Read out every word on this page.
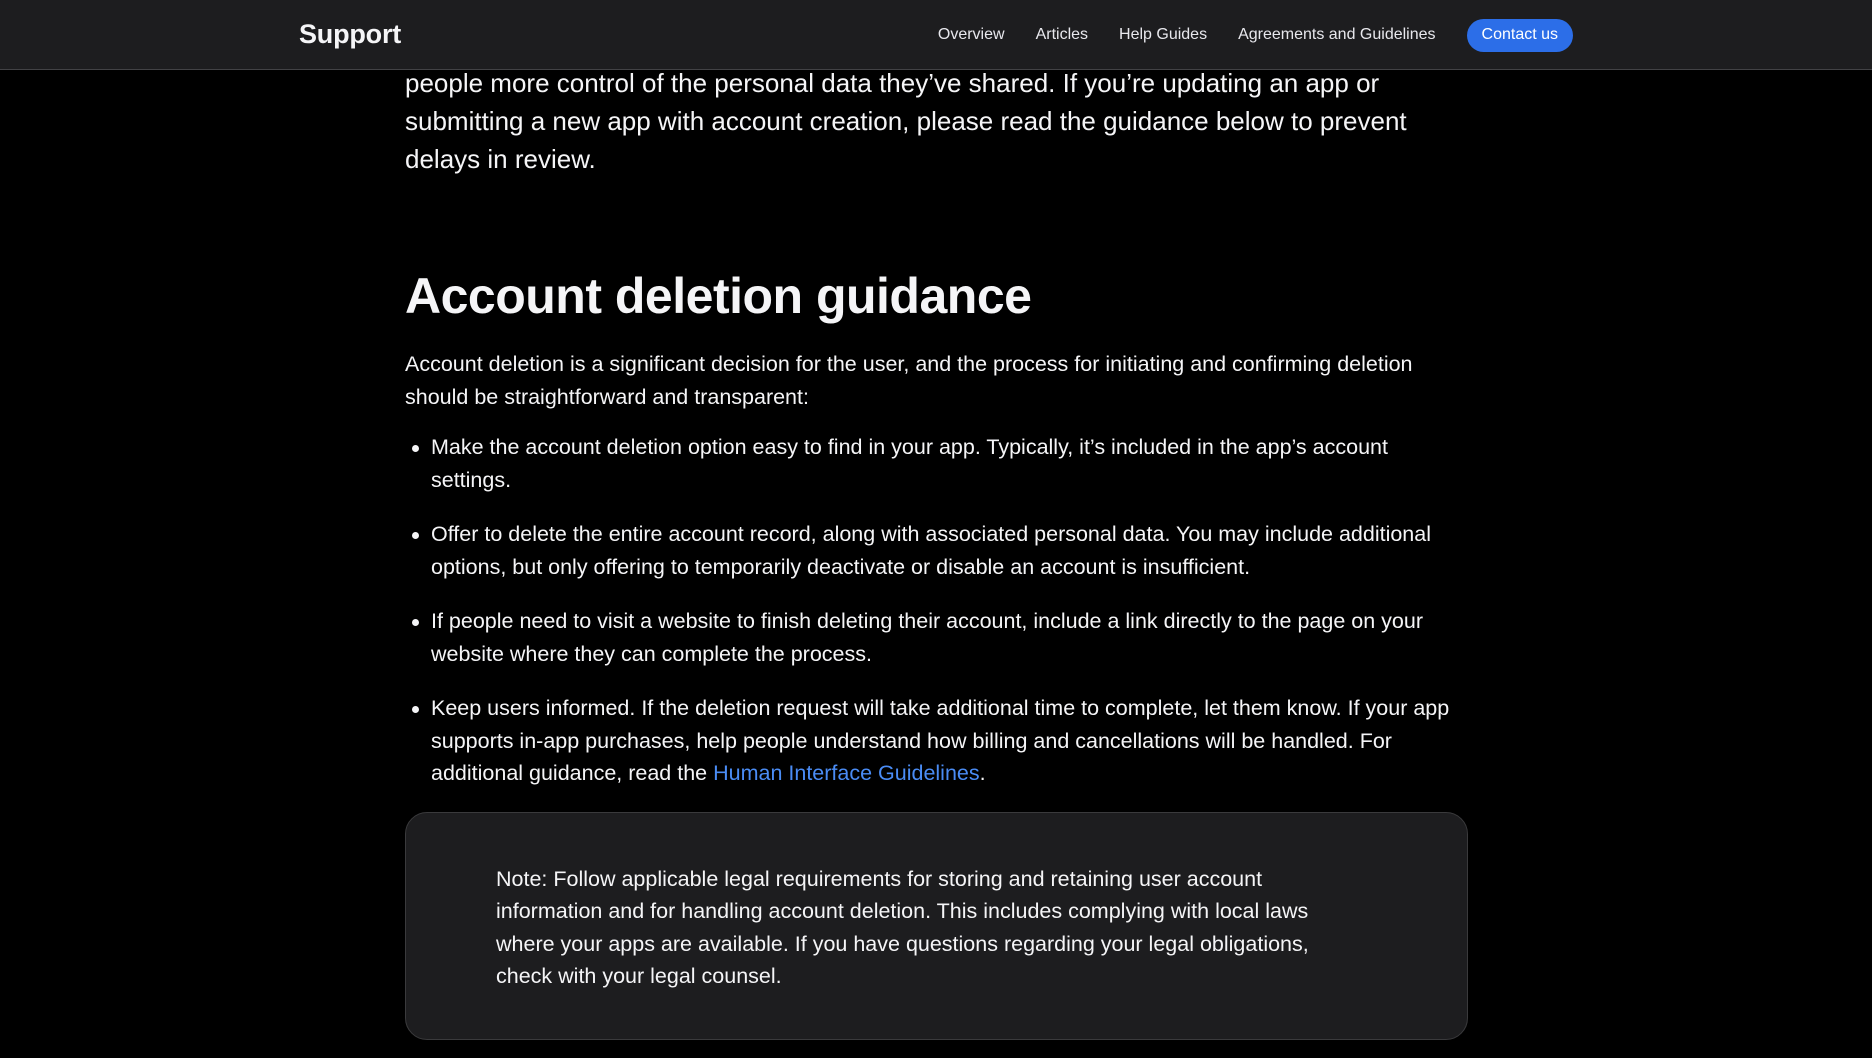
Support	Overview Articles Help Guides Agreements and Guidelines	Contact us

people more control of the personal data they’ve shared. If you’re updating an app or submitting a new app with account creation, please read the guidance below to prevent delays in review.

Account deletion guidance

Account deletion is a significant decision for the user, and the process for initiating and confirming deletion should be straightforward and transparent:

Make the account deletion option easy to find in your app. Typically, it’s included in the app’s account settings.
Offer to delete the entire account record, along with associated personal data. You may include additional options, but only offering to temporarily deactivate or disable an account is insufficient.
If people need to visit a website to finish deleting their account, include a link directly to the page on your website where they can complete the process.
Keep users informed. If the deletion request will take additional time to complete, let them know. If your app supports in-app purchases, help people understand how billing and cancellations will be handled. For additional guidance, read the Human Interface Guidelines.

Note: Follow applicable legal requirements for storing and retaining user account information and for handling account deletion. This includes complying with local laws where your apps are available. If you have questions regarding your legal obligations, check with your legal counsel.
